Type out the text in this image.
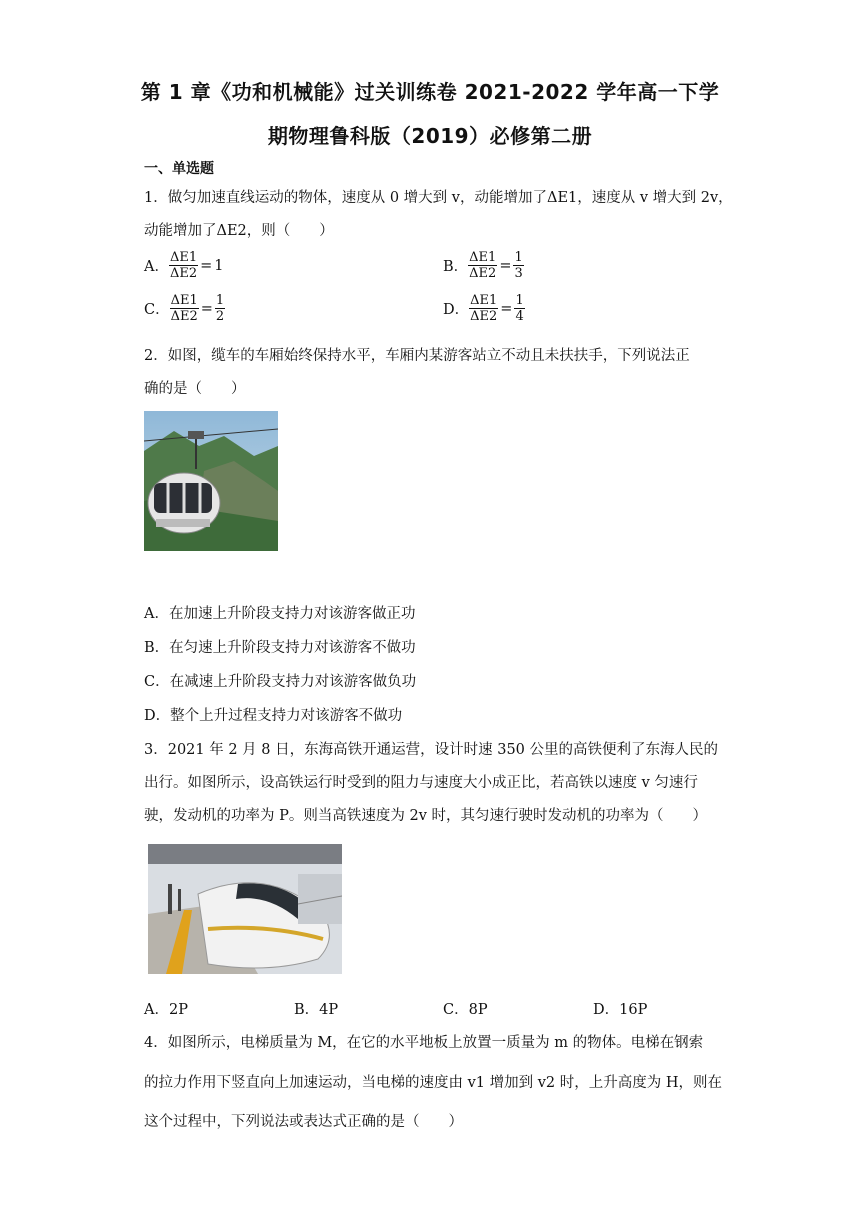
第 1 章《功和机械能》过关训练卷 2021-2022 学年高一下学
期物理鲁科版（2019）必修第二册
一、单选题
1．做匀加速直线运动的物体，速度从 0 增大到 v，动能增加了ΔE1，速度从 v 增大到 2v，
动能增加了ΔE2，则（　　）
A． $\frac{\Delta E1}{\Delta E2} = 1$	B． $\frac{\Delta E1}{\Delta E2} = \frac{1}{3}$
C． $\frac{\Delta E1}{\Delta E2} = \frac{1}{2}$	D． $\frac{\Delta E1}{\Delta E2} = \frac{1}{4}$
2．如图，缆车的车厢始终保持水平，车厢内某游客站立不动且未扶扶手，下列说法正
确的是（　　）
A．在加速上升阶段支持力对该游客做正功
B．在匀速上升阶段支持力对该游客不做功
C．在减速上升阶段支持力对该游客做负功
D．整个上升过程支持力对该游客不做功
3．2021 年 2 月 8 日，东海高铁开通运营，设计时速 350 公里的高铁便利了东海人民的
出行。如图所示，设高铁运行时受到的阻力与速度大小成正比，若高铁以速度 v 匀速行
驶，发动机的功率为 P。则当高铁速度为 2v 时，其匀速行驶时发动机的功率为（　　）
A．2P	B．4P	C．8P	D．16P
4．如图所示，电梯质量为 M，在它的水平地板上放置一质量为 m 的物体。电梯在钢索
的拉力作用下竖直向上加速运动，当电梯的速度由 v1 增加到 v2 时，上升高度为 H，则在
这个过程中，下列说法或表达式正确的是（　　）
